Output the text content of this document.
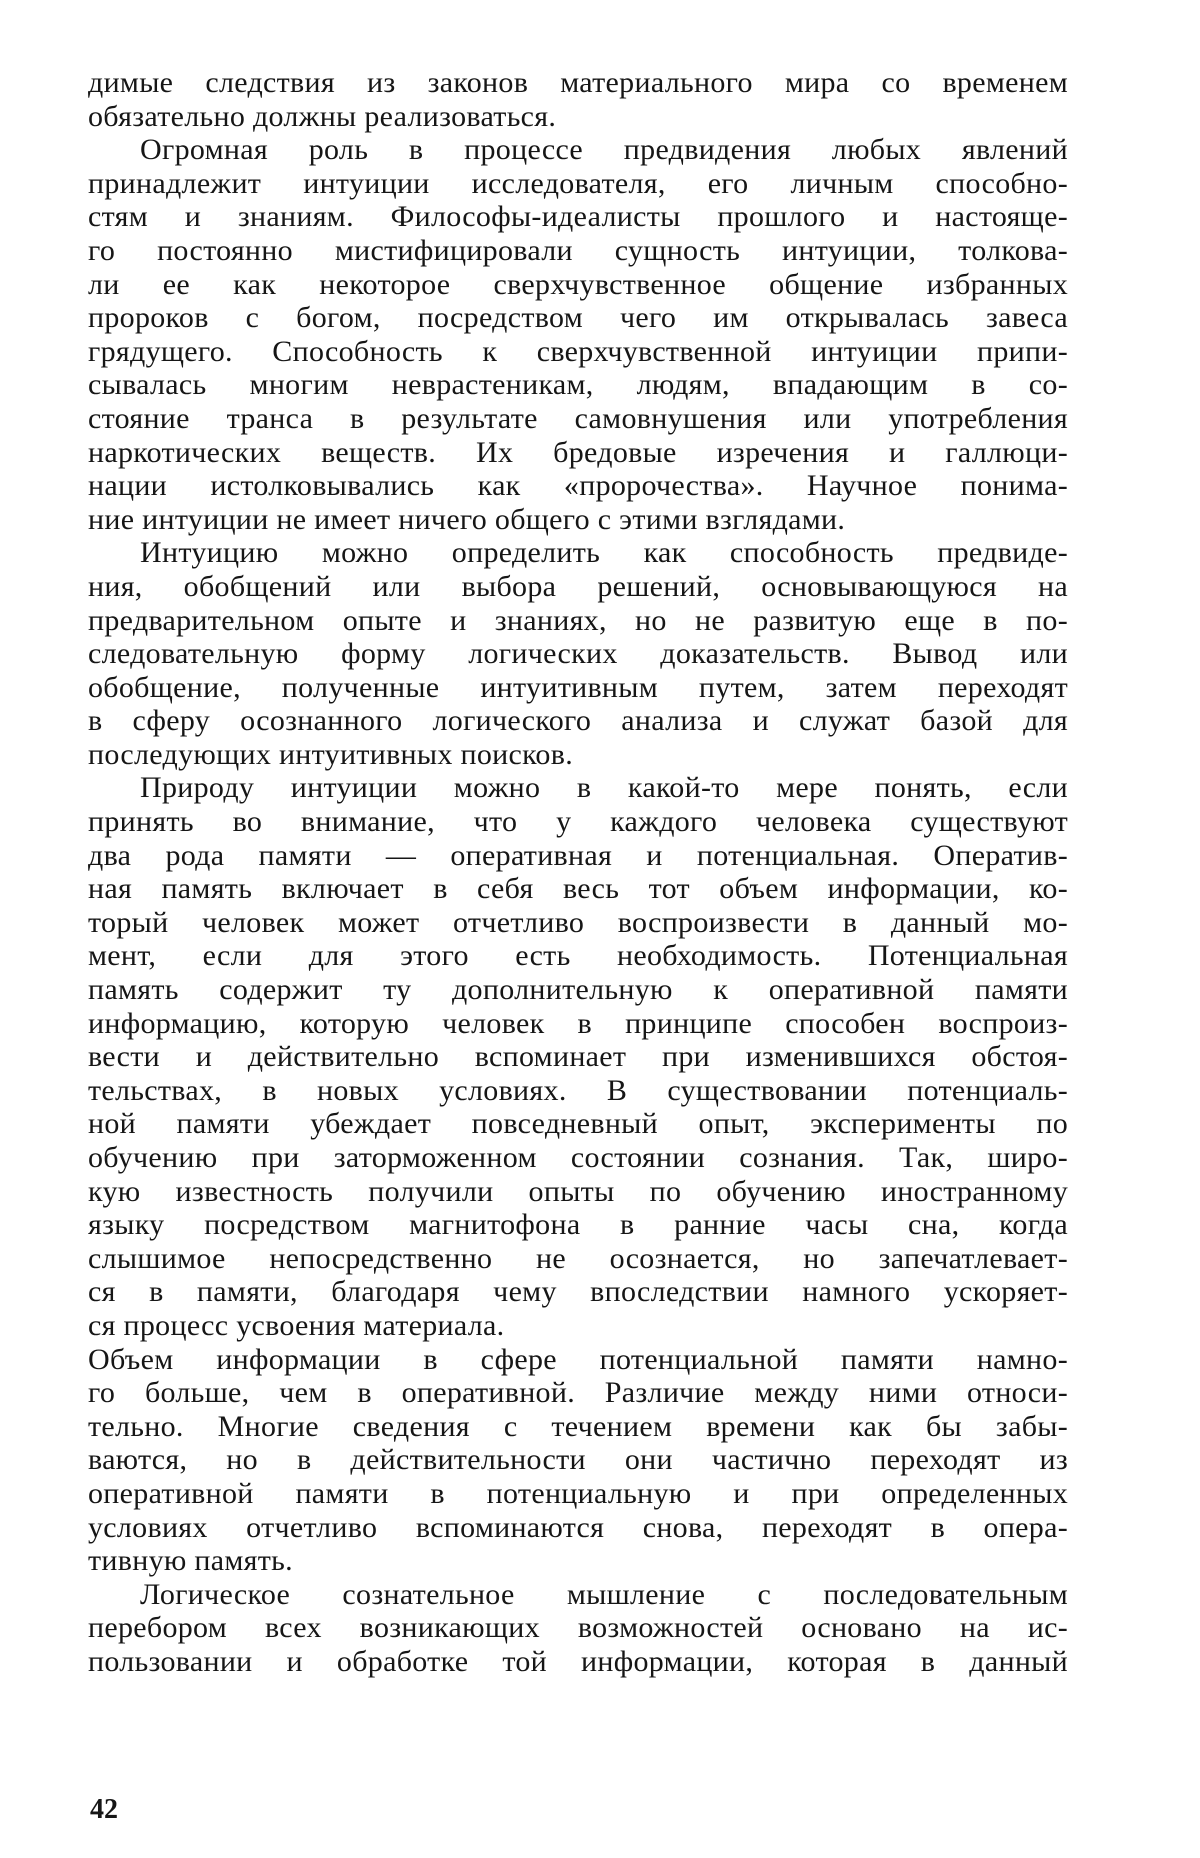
димые следствия из законов материального мира со временем
обязательно должны реализоваться.
Огромная роль в процессе предвидения любых явлений
принадлежит интуиции исследователя, его личным способно-
стям и знаниям. Философы-идеалисты прошлого и настояще-
го постоянно мистифицировали сущность интуиции, толкова-
ли ее как некоторое сверхчувственное общение избранных
пророков с богом, посредством чего им открывалась завеса
грядущего. Способность к сверхчувственной интуиции припи-
сывалась многим неврастеникам, людям, впадающим в со-
стояние транса в результате самовнушения или употребления
наркотических веществ. Их бредовые изречения и галлюци-
нации истолковывались как «пророчества». Научное понима-
ние интуиции не имеет ничего общего с этими взглядами.
Интуицию можно определить как способность предвиде-
ния, обобщений или выбора решений, основывающуюся на
предварительном опыте и знаниях, но не развитую еще в по-
следовательную форму логических доказательств. Вывод или
обобщение, полученные интуитивным путем, затем переходят
в сферу осознанного логического анализа и служат базой для
последующих интуитивных поисков.
Природу интуиции можно в какой-то мере понять, если
принять во внимание, что у каждого человека существуют
два рода памяти — оперативная и потенциальная. Оператив-
ная память включает в себя весь тот объем информации, ко-
торый человек может отчетливо воспроизвести в данный мо-
мент, если для этого есть необходимость. Потенциальная
память содержит ту дополнительную к оперативной памяти
информацию, которую человек в принципе способен воспроиз-
вести и действительно вспоминает при изменившихся обстоя-
тельствах, в новых условиях. В существовании потенциаль-
ной памяти убеждает повседневный опыт, эксперименты по
обучению при заторможенном состоянии сознания. Так, широ-
кую известность получили опыты по обучению иностранному
языку посредством магнитофона в ранние часы сна, когда
слышимое непосредственно не осознается, но запечатлевает-
ся в памяти, благодаря чему впоследствии намного ускоряет-
ся процесс усвоения материала.
Объем информации в сфере потенциальной памяти намно-
го больше, чем в оперативной. Различие между ними относи-
тельно. Многие сведения с течением времени как бы забы-
ваются, но в действительности они частично переходят из
оперативной памяти в потенциальную и при определенных
условиях отчетливо вспоминаются снова, переходят в опера-
тивную память.
Логическое сознательное мышление с последовательным
перебором всех возникающих возможностей основано на ис-
пользовании и обработке той информации, которая в данный
42
